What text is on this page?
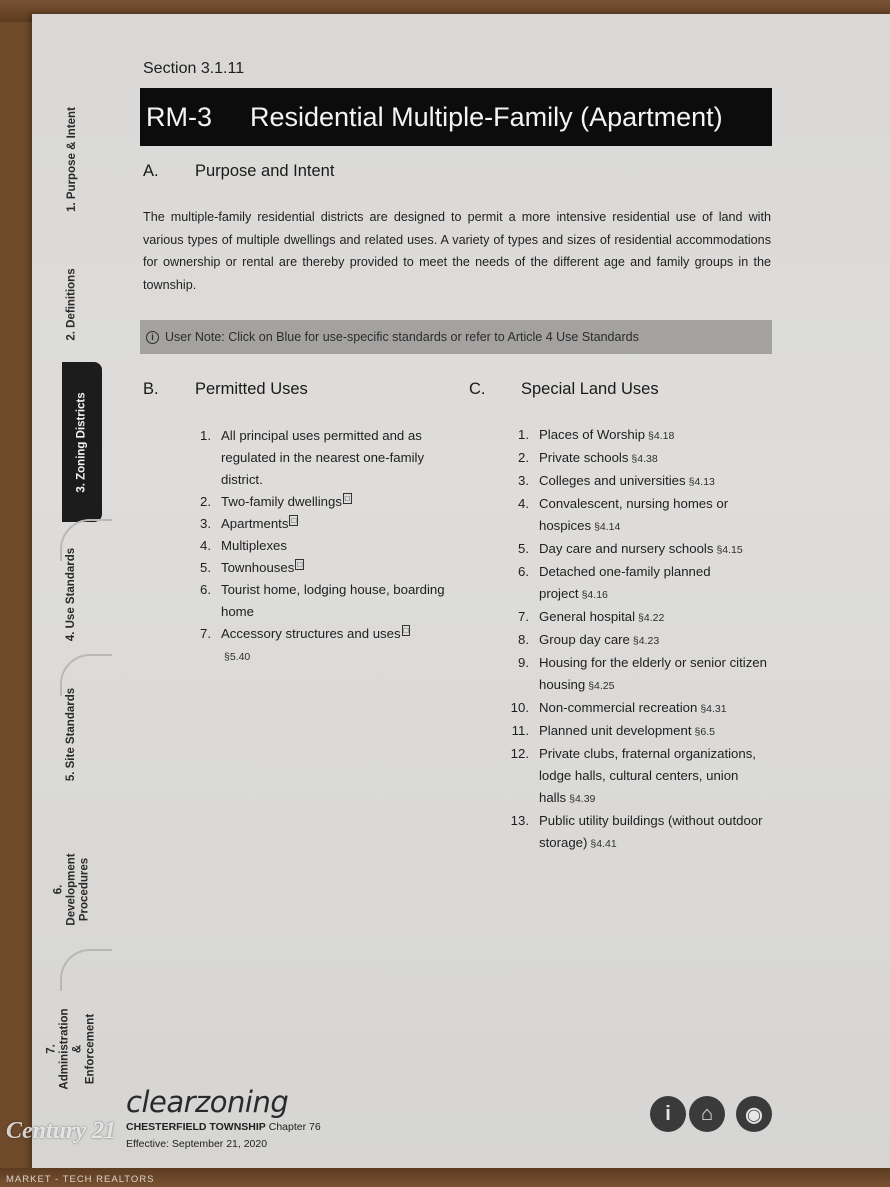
1. Purpose & Intent
2. Definitions
3. Zoning Districts
4. Use Standards
5. Site Standards
6. Development Procedures
7. Administration & Enforcement
Section 3.1.11
RM-3	Residential Multiple-Family (Apartment)
A. Purpose and Intent
The multiple-family residential districts are designed to permit a more intensive residential use of land with various types of multiple dwellings and related uses. A variety of types and sizes of residential accommodations for ownership or rental are thereby provided to meet the needs of the different age and family groups in the township.
i User Note: Click on Blue for use-specific standards or refer to Article 4 Use Standards
B. Permitted Uses	C. Special Land Uses
1. All principal uses permitted and as regulated in the nearest one-family district.
2. Two-family dwellings □
3. Apartments □
4. Multiplexes
5. Townhouses □
6. Tourist home, lodging house, boarding home
7. Accessory structures and uses □
§5.40
1. Places of Worship §4.18
2. Private schools §4.38
3. Colleges and universities §4.13
4. Convalescent, nursing homes or hospices §4.14
5. Day care and nursery schools §4.15
6. Detached one-family planned project §4.16
7. General hospital §4.22
8. Group day care §4.23
9. Housing for the elderly or senior citizen housing §4.25
10. Non-commercial recreation §4.31
11. Planned unit development §6.5
12. Private clubs, fraternal organizations, lodge halls, cultural centers, union halls §4.39
13. Public utility buildings (without outdoor storage) §4.41
clearzoning
CHESTERFIELD TOWNSHIP Chapter 76
Effective: September 21, 2020
i	⌂	◉
Century 21
MARKET - TECH REALTORS
